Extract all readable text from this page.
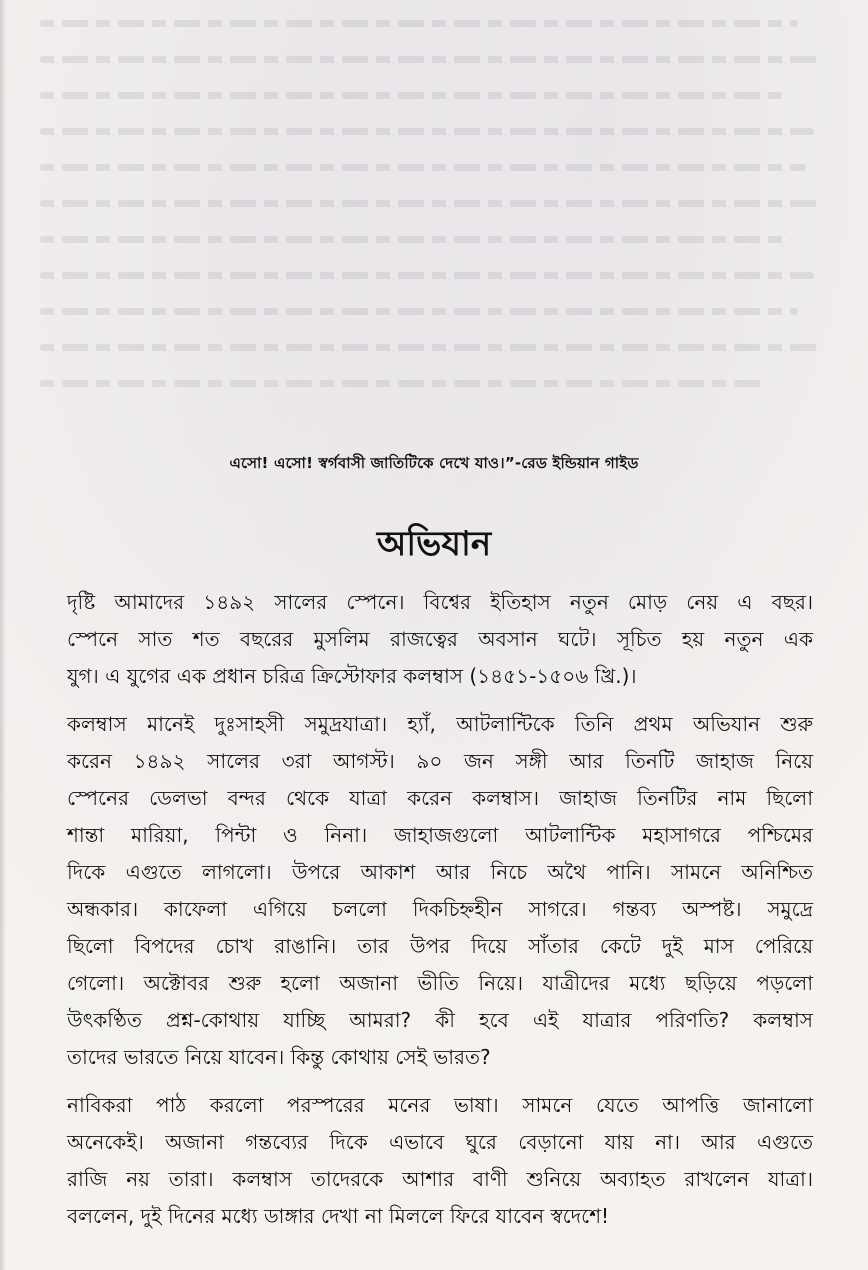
এসো! এসো! স্বর্গবাসী জাতিটিকে দেখে যাও।”-রেড ইন্ডিয়ান গাইড
অভিযান

দৃষ্টি আমাদের ১৪৯২ সালের স্পেনে। বিশ্বের ইতিহাস নতুন মোড় নেয় এ বছর।
স্পেনে সাত শত বছরের মুসলিম রাজত্বের অবসান ঘটে। সূচিত হয় নতুন এক
যুগ। এ যুগের এক প্রধান চরিত্র ক্রিস্টোফার কলম্বাস (১৪৫১-১৫০৬ খ্রি.)।

কলম্বাস মানেই দুঃসাহসী সমুদ্রযাত্রা। হ্যাঁ, আটলান্টিকে তিনি প্রথম অভিযান শুরু
করেন ১৪৯২ সালের ৩রা আগস্ট। ৯০ জন সঙ্গী আর তিনটি জাহাজ নিয়ে
স্পেনের ডেলভা বন্দর থেকে যাত্রা করেন কলম্বাস। জাহাজ তিনটির নাম ছিলো
শান্তা মারিয়া, পিন্টা ও নিনা। জাহাজগুলো আটলান্টিক মহাসাগরে পশ্চিমের
দিকে এগুতে লাগলো। উপরে আকাশ আর নিচে অথৈ পানি। সামনে অনিশ্চিত
অন্ধকার। কাফেলা এগিয়ে চললো দিকচিহ্নহীন সাগরে। গন্তব্য অস্পষ্ট। সমুদ্রে
ছিলো বিপদের চোখ রাঙানি। তার উপর দিয়ে সাঁতার কেটে দুই মাস পেরিয়ে
গেলো। অক্টোবর শুরু হলো অজানা ভীতি নিয়ে। যাত্রীদের মধ্যে ছড়িয়ে পড়লো
উৎকণ্ঠিত প্রশ্ন-কোথায় যাচ্ছি আমরা? কী হবে এই যাত্রার পরিণতি? কলম্বাস
তাদের ভারতে নিয়ে যাবেন। কিন্তু কোথায় সেই ভারত?

নাবিকরা পাঠ করলো পরস্পরের মনের ভাষা। সামনে যেতে আপত্তি জানালো
অনেকেই। অজানা গন্তব্যের দিকে এভাবে ঘুরে বেড়ানো যায় না। আর এগুতে
রাজি নয় তারা। কলম্বাস তাদেরকে আশার বাণী শুনিয়ে অব্যাহত রাখলেন যাত্রা।
বললেন, দুই দিনের মধ্যে ডাঙ্গার দেখা না মিললে ফিরে যাবেন স্বদেশে!
